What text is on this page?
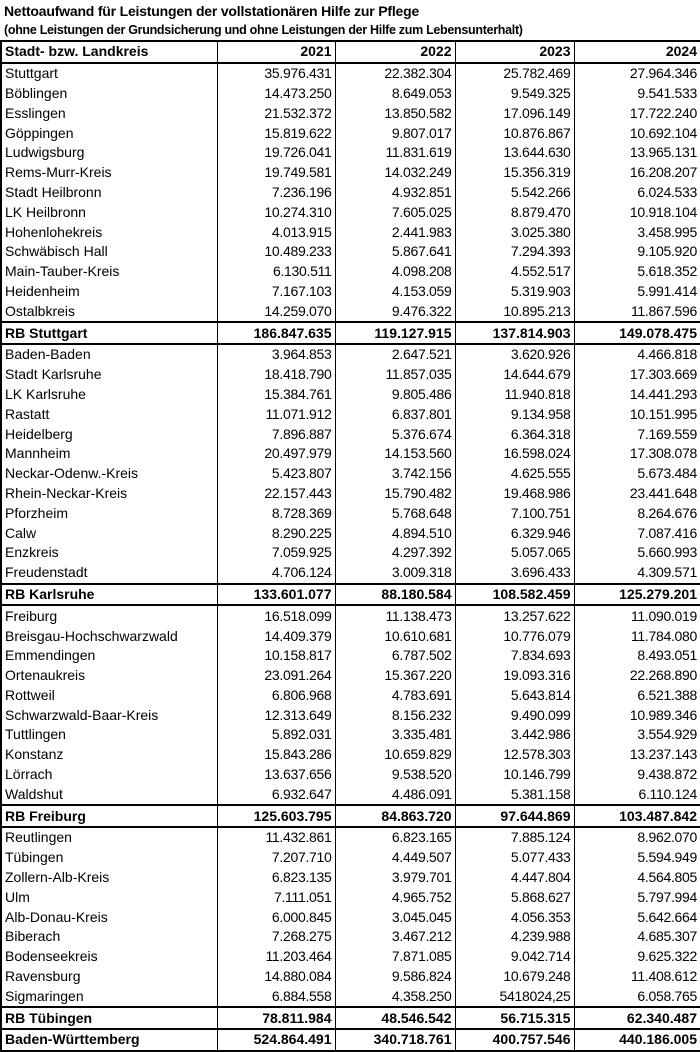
Nettoaufwand für Leistungen der vollstationären Hilfe zur Pflege
(ohne Leistungen der Grundsicherung und ohne Leistungen der Hilfe zum Lebensunterhalt)
Stadt- bzw. Landkreis	2021	2022	2023	2024
Stuttgart	35.976.431	22.382.304	25.782.469	27.964.346
Böblingen	14.473.250	8.649.053	9.549.325	9.541.533
Esslingen	21.532.372	13.850.582	17.096.149	17.722.240
Göppingen	15.819.622	9.807.017	10.876.867	10.692.104
Ludwigsburg	19.726.041	11.831.619	13.644.630	13.965.131
Rems-Murr-Kreis	19.749.581	14.032.249	15.356.319	16.208.207
Stadt Heilbronn	7.236.196	4.932.851	5.542.266	6.024.533
LK Heilbronn	10.274.310	7.605.025	8.879.470	10.918.104
Hohenlohekreis	4.013.915	2.441.983	3.025.380	3.458.995
Schwäbisch Hall	10.489.233	5.867.641	7.294.393	9.105.920
Main-Tauber-Kreis	6.130.511	4.098.208	4.552.517	5.618.352
Heidenheim	7.167.103	4.153.059	5.319.903	5.991.414
Ostalbkreis	14.259.070	9.476.322	10.895.213	11.867.596
RB Stuttgart	186.847.635	119.127.915	137.814.903	149.078.475
Baden-Baden	3.964.853	2.647.521	3.620.926	4.466.818
Stadt Karlsruhe	18.418.790	11.857.035	14.644.679	17.303.669
LK Karlsruhe	15.384.761	9.805.486	11.940.818	14.441.293
Rastatt	11.071.912	6.837.801	9.134.958	10.151.995
Heidelberg	7.896.887	5.376.674	6.364.318	7.169.559
Mannheim	20.497.979	14.153.560	16.598.024	17.308.078
Neckar-Odenw.-Kreis	5.423.807	3.742.156	4.625.555	5.673.484
Rhein-Neckar-Kreis	22.157.443	15.790.482	19.468.986	23.441.648
Pforzheim	8.728.369	5.768.648	7.100.751	8.264.676
Calw	8.290.225	4.894.510	6.329.946	7.087.416
Enzkreis	7.059.925	4.297.392	5.057.065	5.660.993
Freudenstadt	4.706.124	3.009.318	3.696.433	4.309.571
RB Karlsruhe	133.601.077	88.180.584	108.582.459	125.279.201
Freiburg	16.518.099	11.138.473	13.257.622	11.090.019
Breisgau-Hochschwarzwald	14.409.379	10.610.681	10.776.079	11.784.080
Emmendingen	10.158.817	6.787.502	7.834.693	8.493.051
Ortenaukreis	23.091.264	15.367.220	19.093.316	22.268.890
Rottweil	6.806.968	4.783.691	5.643.814	6.521.388
Schwarzwald-Baar-Kreis	12.313.649	8.156.232	9.490.099	10.989.346
Tuttlingen	5.892.031	3.335.481	3.442.986	3.554.929
Konstanz	15.843.286	10.659.829	12.578.303	13.237.143
Lörrach	13.637.656	9.538.520	10.146.799	9.438.872
Waldshut	6.932.647	4.486.091	5.381.158	6.110.124
RB Freiburg	125.603.795	84.863.720	97.644.869	103.487.842
Reutlingen	11.432.861	6.823.165	7.885.124	8.962.070
Tübingen	7.207.710	4.449.507	5.077.433	5.594.949
Zollern-Alb-Kreis	6.823.135	3.979.701	4.447.804	4.564.805
Ulm	7.111.051	4.965.752	5.868.627	5.797.994
Alb-Donau-Kreis	6.000.845	3.045.045	4.056.353	5.642.664
Biberach	7.268.275	3.467.212	4.239.988	4.685.307
Bodenseekreis	11.203.464	7.871.085	9.042.714	9.625.322
Ravensburg	14.880.084	9.586.824	10.679.248	11.408.612
Sigmaringen	6.884.558	4.358.250	5418024,25	6.058.765
RB Tübingen	78.811.984	48.546.542	56.715.315	62.340.487
Baden-Württemberg	524.864.491	340.718.761	400.757.546	440.186.005
